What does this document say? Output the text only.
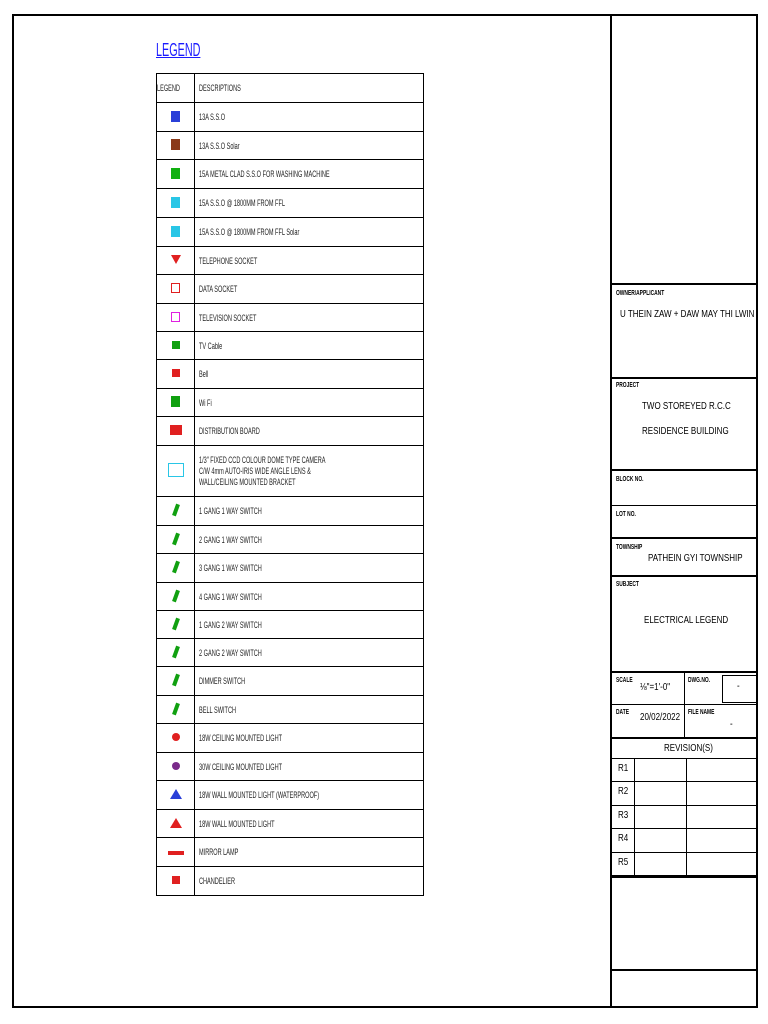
LEGEND
LEGEND	DESCRIPTIONS
	13A S.S.O
	13A S.S.O Solar
	15A METAL CLAD S.S.O FOR WASHING MACHINE
	15A S.S.O @ 1800MM FROM FFL
	15A S.S.O @ 1800MM FROM FFL Solar
	TELEPHONE SOCKET
	DATA SOCKET
	TELEVISION SOCKET
	TV Cable
	Bell
	Wi Fi
	DISTRIBUTION BOARD
	1/3" FIXED CCD COLOUR DOME TYPE CAMERA C/W 4mm AUTO-IRIS WIDE ANGLE LENS & WALL/CEILING MOUNTED BRACKET
	1 GANG 1 WAY SWITCH
	2 GANG 1 WAY SWITCH
	3 GANG 1 WAY SWITCH
	4 GANG 1 WAY SWITCH
	1 GANG 2 WAY SWITCH
	2 GANG 2 WAY SWITCH
	DIMMER SWITCH
	BELL SWITCH
	18W CEILING MOUNTED LIGHT
	30W CEILING MOUNTED LIGHT
	18W WALL MOUNTED LIGHT (WATERPROOF)
	18W WALL MOUNTED LIGHT
	MIRROR LAMP
	CHANDELIER
OWNER/APPLICANT
U THEIN ZAW + DAW MAY THI LWIN
PROJECT
TWO STOREYED R.C.C
RESIDENCE BUILDING
BLOCK NO.
LOT NO.
TOWNSHIP
PATHEIN GYI TOWNSHIP
SUBJECT
ELECTRICAL LEGEND
SCALE
⅛"=1'-0"
DWG.NO.
-
DATE 20/02/2022 FILE NAME
-
REVISION(S)
R1
R2
R3
R4
R5
